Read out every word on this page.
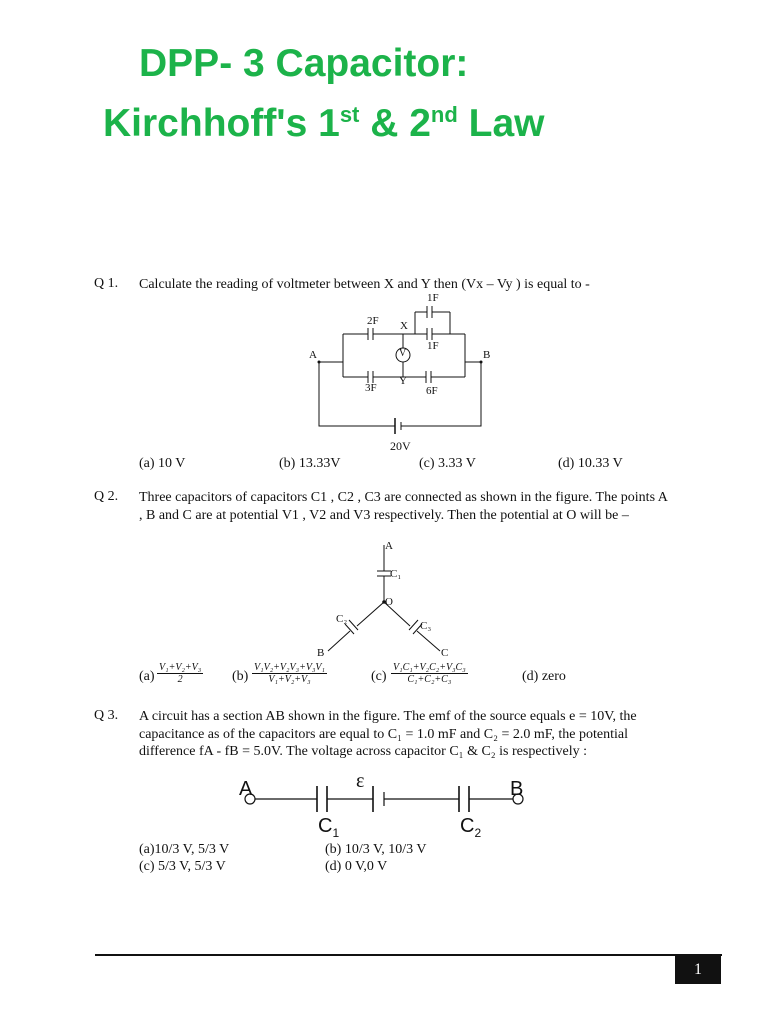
DPP- 3 Capacitor:
Kirchhoff's 1st & 2nd Law
Q 1. Calculate the reading of voltmeter between X and Y then (Vx – Vy ) is equal to -
1F
2F X
1F
A	V	B
Y
3F	6F
20V
(a) 10 V	(b) 13.33V	(c) 3.33 V	(d) 10.33 V
Q 2. Three capacitors of capacitors C1 , C2 , C3 are connected as shown in the figure. The points A , B and C are at potential V1 , V2 and V3 respectively. Then the potential at O will be –
A
C₁
O
C₂
C₃
B	C
$(a) \frac{\text{V₁+V₂+V₃}}{2} (b) \frac{\text{V₁V₂+V₂V₃+V₃V₁}}{\text{V₁+V₂+V₃}}$	$(c) \frac{\text{V₁C₁+V₂C₂+V₃C₃}}{\text{C₁+C₂+C₃}}$	(d) zero
Q 3. A circuit has a section AB shown in the figure. The emf of the source equals e = 10V, the capacitance as of the capacitors are equal to C₁ = 1.0 mF and C₂ = 2.0 mF, the potential difference fA - fB = 5.0V. The voltage across capacitor C₁ & C₂ is respectively :
A	ε	B
$C_1$	$C_2$
(a)10/3 V, 5/3 V	(b) 10/3 V, 10/3 V
(c) 5/3 V, 5/3 V	(d) 0 V,0 V
1
